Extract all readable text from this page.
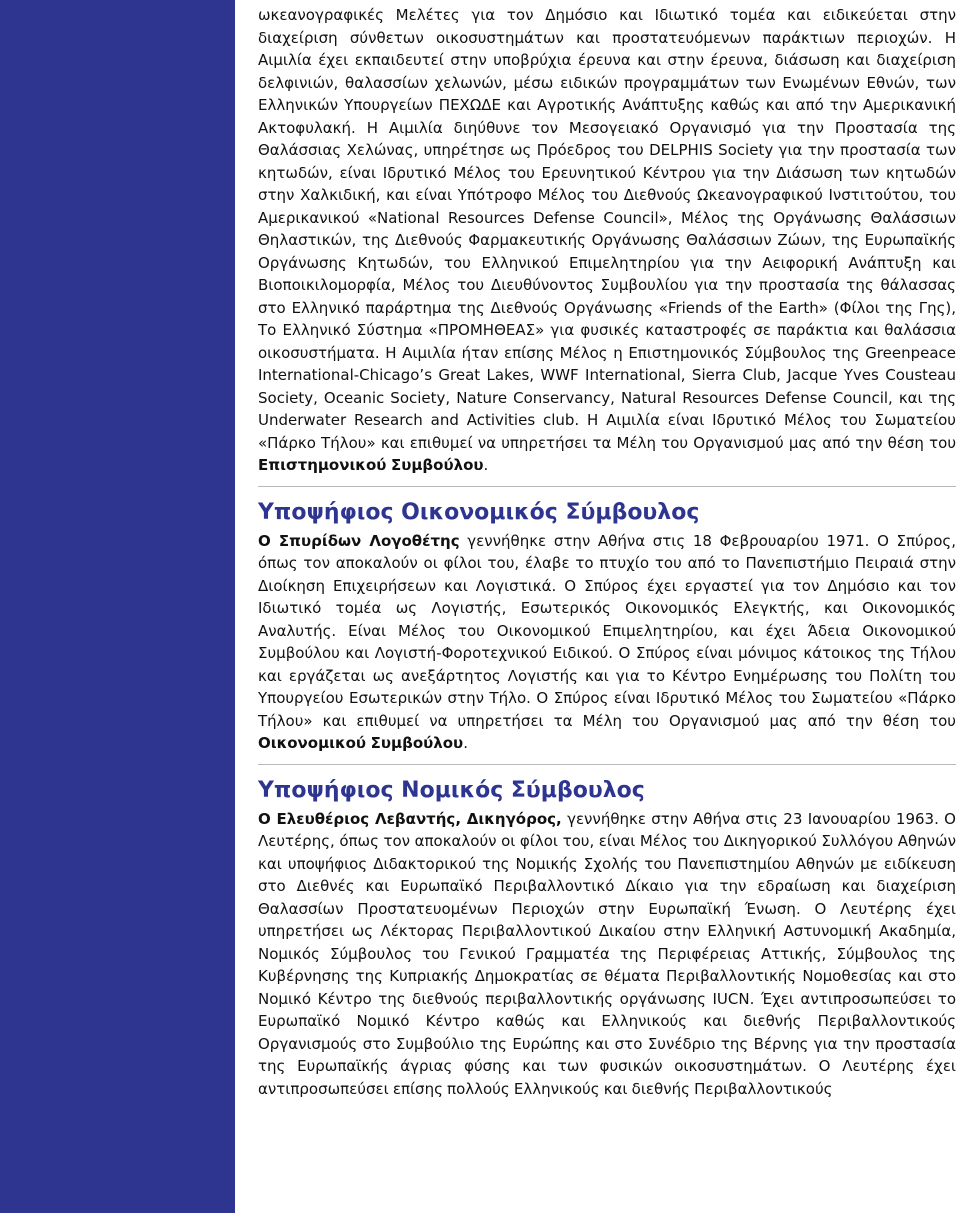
ωκεανογραφικές Μελέτες για τον Δημόσιο και Ιδιωτικό τομέα και ειδικεύεται στην διαχείριση σύνθετων οικοσυστημάτων και προστατευόμενων παράκτιων περιοχών. Η Αιμιλία έχει εκπαιδευτεί στην υποβρύχια έρευνα και στην έρευνα, διάσωση και διαχείριση δελφινιών, θαλασσίων χελωνών, μέσω ειδικών προγραμμάτων των Ενωμένων Εθνών, των Ελληνικών Υπουργείων ΠΕΧΩΔΕ και Αγροτικής Ανάπτυξης καθώς και από την Αμερικανική Ακτοφυλακή. Η Αιμιλία διηύθυνε τον Μεσογειακό Οργανισμό για την Προστασία της Θαλάσσιας Χελώνας, υπηρέτησε ως Πρόεδρος του DELPHIS Society για την προστασία των κητωδών, είναι Ιδρυτικό Μέλος του Ερευνητικού Κέντρου για την Διάσωση των κητωδών στην Χαλκιδική, και είναι Υπότροφο Μέλος του Διεθνούς Ωκεανογραφικού Ινστιτούτου, του Αμερικανικού «National Resources Defense Council», Μέλος της Οργάνωσης Θαλάσσιων Θηλαστικών, της Διεθνούς Φαρμακευτικής Οργάνωσης Θαλάσσιων Ζώων, της Ευρωπαϊκής Οργάνωσης Κητωδών, του Ελληνικού Επιμελητηρίου για την Αειφορική Ανάπτυξη και Βιοποικιλομορφία, Μέλος του Διευθύνοντος Συμβουλίου για την προστασία της θάλασσας στο Ελληνικό παράρτημα της Διεθνούς Οργάνωσης «Friends of the Earth» (Φίλοι της Γης), Το Ελληνικό Σύστημα «ΠΡΟΜΗΘΕΑΣ» για φυσικές καταστροφές σε παράκτια και θαλάσσια οικοσυστήματα. Η Αιμιλία ήταν επίσης Μέλος η Επιστημονικός Σύμβουλος της Greenpeace International-Chicago’s Great Lakes, WWF International, Sierra Club, Jacque Yves Cousteau Society, Oceanic Society, Nature Conservancy, Natural Resources Defense Council, και της Underwater Research and Activities club. Η Αιμιλία είναι Ιδρυτικό Μέλος του Σωματείου «Πάρκο Τήλου» και επιθυμεί να υπηρετήσει τα Μέλη του Οργανισμού μας από την θέση του Επιστημονικού Συμβούλου.

Υποψήφιος Οικονομικός Σύμβουλος

Ο Σπυρίδων Λογοθέτης γεννήθηκε στην Αθήνα στις 18 Φεβρουαρίου 1971. Ο Σπύρος, όπως τον αποκαλούν οι φίλοι του, έλαβε το πτυχίο του από το Πανεπιστήμιο Πειραιά στην Διοίκηση Επιχειρήσεων και Λογιστικά. Ο Σπύρος έχει εργαστεί για τον Δημόσιο και τον Ιδιωτικό τομέα ως Λογιστής, Εσωτερικός Οικονομικός Ελεγκτής, και Οικονομικός Αναλυτής. Είναι Μέλος του Οικονομικού Επιμελητηρίου, και έχει Άδεια Οικονομικού Συμβούλου και Λογιστή-Φοροτεχνικού Ειδικού. Ο Σπύρος είναι μόνιμος κάτοικος της Τήλου και εργάζεται ως ανεξάρτητος Λογιστής και για το Κέντρο Ενημέρωσης του Πολίτη του Υπουργείου Εσωτερικών στην Τήλο. Ο Σπύρος είναι Ιδρυτικό Μέλος του Σωματείου «Πάρκο Τήλου» και επιθυμεί να υπηρετήσει τα Μέλη του Οργανισμού μας από την θέση του Οικονομικού Συμβούλου.

Υποψήφιος Νομικός Σύμβουλος

Ο Ελευθέριος Λεβαντής, Δικηγόρος, γεννήθηκε στην Αθήνα στις 23 Ιανουαρίου 1963. Ο Λευτέρης, όπως τον αποκαλούν οι φίλοι του, είναι Μέλος του Δικηγορικού Συλλόγου Αθηνών και υποψήφιος Διδακτορικού της Νομικής Σχολής του Πανεπιστημίου Αθηνών με ειδίκευση στο Διεθνές και Ευρωπαϊκό Περιβαλλοντικό Δίκαιο για την εδραίωση και διαχείριση Θαλασσίων Προστατευομένων Περιοχών στην Ευρωπαϊκή Ένωση. Ο Λευτέρης έχει υπηρετήσει ως Λέκτορας Περιβαλλοντικού Δικαίου στην Ελληνική Αστυνομική Ακαδημία, Νομικός Σύμβουλος του Γενικού Γραμματέα της Περιφέρειας Αττικής, Σύμβουλος της Κυβέρνησης της Κυπριακής Δημοκρατίας σε θέματα Περιβαλλοντικής Νομοθεσίας και στο Νομικό Κέντρο της διεθνούς περιβαλλοντικής οργάνωσης IUCN. Έχει αντιπροσωπεύσει το Ευρωπαϊκό Νομικό Κέντρο καθώς και Ελληνικούς και διεθνής Περιβαλλοντικούς Οργανισμούς στο Συμβούλιο της Ευρώπης και στο Συνέδριο της Βέρνης για την προστασία της Ευρωπαϊκής άγριας φύσης και των φυσικών οικοσυστημάτων. Ο Λευτέρης έχει αντιπροσωπεύσει επίσης πολλούς Ελληνικούς και διεθνής Περιβαλλοντικούς
